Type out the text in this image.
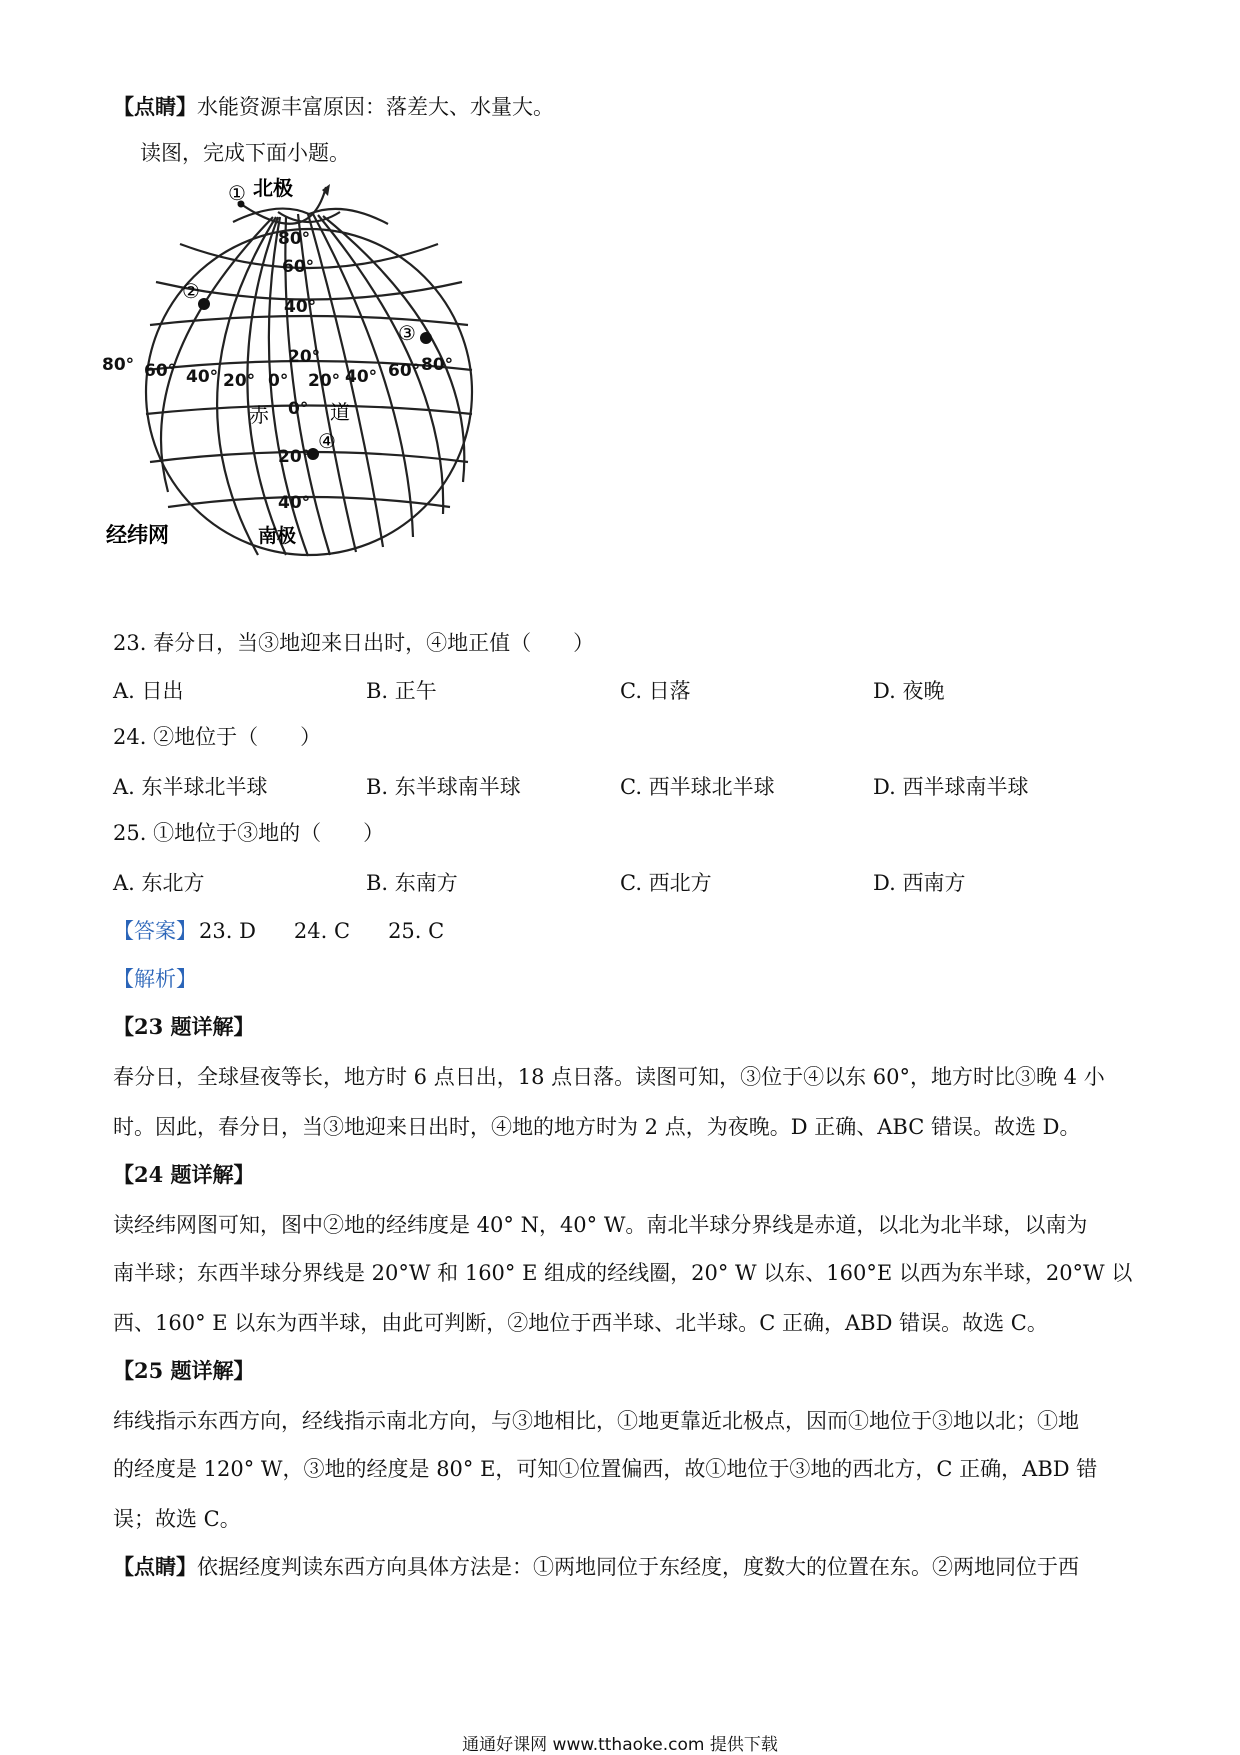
【点睛】水能资源丰富原因：落差大、水量大。
读图，完成下面小题。
① 北极
②
③
④
80°
60°
40°
20°
0°
20°
40°
80° 60° 40° 20° 0° 20° 40° 60° 80°
赤	道
经纬网	南极
23. 春分日，当③地迎来日出时，④地正值（　　）
A. 日出	B. 正午	C. 日落	D. 夜晚
24. ②地位于（　　）
A. 东半球北半球	B. 东半球南半球	C. 西半球北半球	D. 西半球南半球
25. ①地位于③地的（　　）
A. 东北方	B. 东南方	C. 西北方	D. 西南方
【答案】23. D 24. C 25. C
【解析】
【23 题详解】
春分日，全球昼夜等长，地方时 6 点日出，18 点日落。读图可知，③位于④以东 60°，地方时比③晚 4 小
时。因此，春分日，当③地迎来日出时，④地的地方时为 2 点，为夜晚。D 正确、ABC 错误。故选 D。
【24 题详解】
读经纬网图可知，图中②地的经纬度是 40° N，40° W。南北半球分界线是赤道，以北为北半球，以南为
南半球；东西半球分界线是 20°W 和 160° E 组成的经线圈，20° W 以东、160°E 以西为东半球，20°W 以
西、160° E 以东为西半球，由此可判断，②地位于西半球、北半球。C 正确，ABD 错误。故选 C。
【25 题详解】
纬线指示东西方向，经线指示南北方向，与③地相比，①地更靠近北极点，因而①地位于③地以北；①地
的经度是 120° W，③地的经度是 80° E，可知①位置偏西，故①地位于③地的西北方，C 正确，ABD 错
误；故选 C。
【点睛】依据经度判读东西方向具体方法是：①两地同位于东经度，度数大的位置在东。②两地同位于西
通通好课网 www.tthaoke.com 提供下载
